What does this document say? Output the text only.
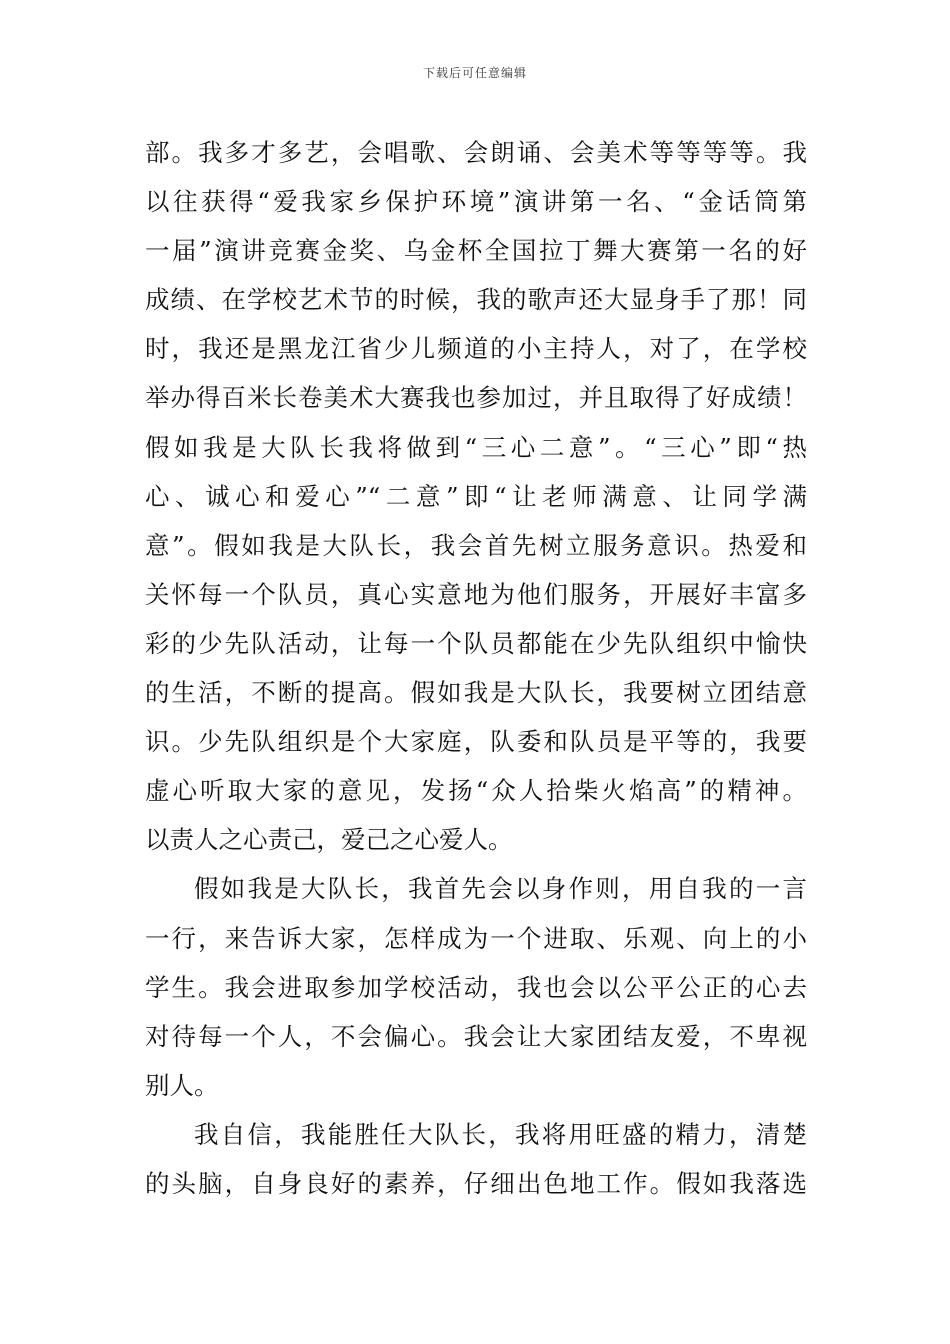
下载后可任意编辑
部。我多才多艺，会唱歌、会朗诵、会美术等等等等。我
以往获得“爱我家乡保护环境”演讲第一名、“金话筒第
一届”演讲竞赛金奖、乌金杯全国拉丁舞大赛第一名的好
成绩、在学校艺术节的时候，我的歌声还大显身手了那！同
时，我还是黑龙江省少儿频道的小主持人，对了，在学校
举办得百米长卷美术大赛我也参加过，并且取得了好成绩！
假如我是大队长我将做到“三心二意”。“三心”即“热
心、诚心和爱心”“二意”即“让老师满意、让同学满
意”。假如我是大队长，我会首先树立服务意识。热爱和
关怀每一个队员，真心实意地为他们服务，开展好丰富多
彩的少先队活动，让每一个队员都能在少先队组织中愉快
的生活，不断的提高。假如我是大队长，我要树立团结意
识。少先队组织是个大家庭，队委和队员是平等的，我要
虚心听取大家的意见，发扬“众人拾柴火焰高”的精神。
以责人之心责己，爱己之心爱人。
假如我是大队长，我首先会以身作则，用自我的一言
一行，来告诉大家，怎样成为一个进取、乐观、向上的小
学生。我会进取参加学校活动，我也会以公平公正的心去
对待每一个人，不会偏心。我会让大家团结友爱，不卑视
别人。
我自信，我能胜任大队长，我将用旺盛的精力，清楚
的头脑，自身良好的素养，仔细出色地工作。假如我落选
